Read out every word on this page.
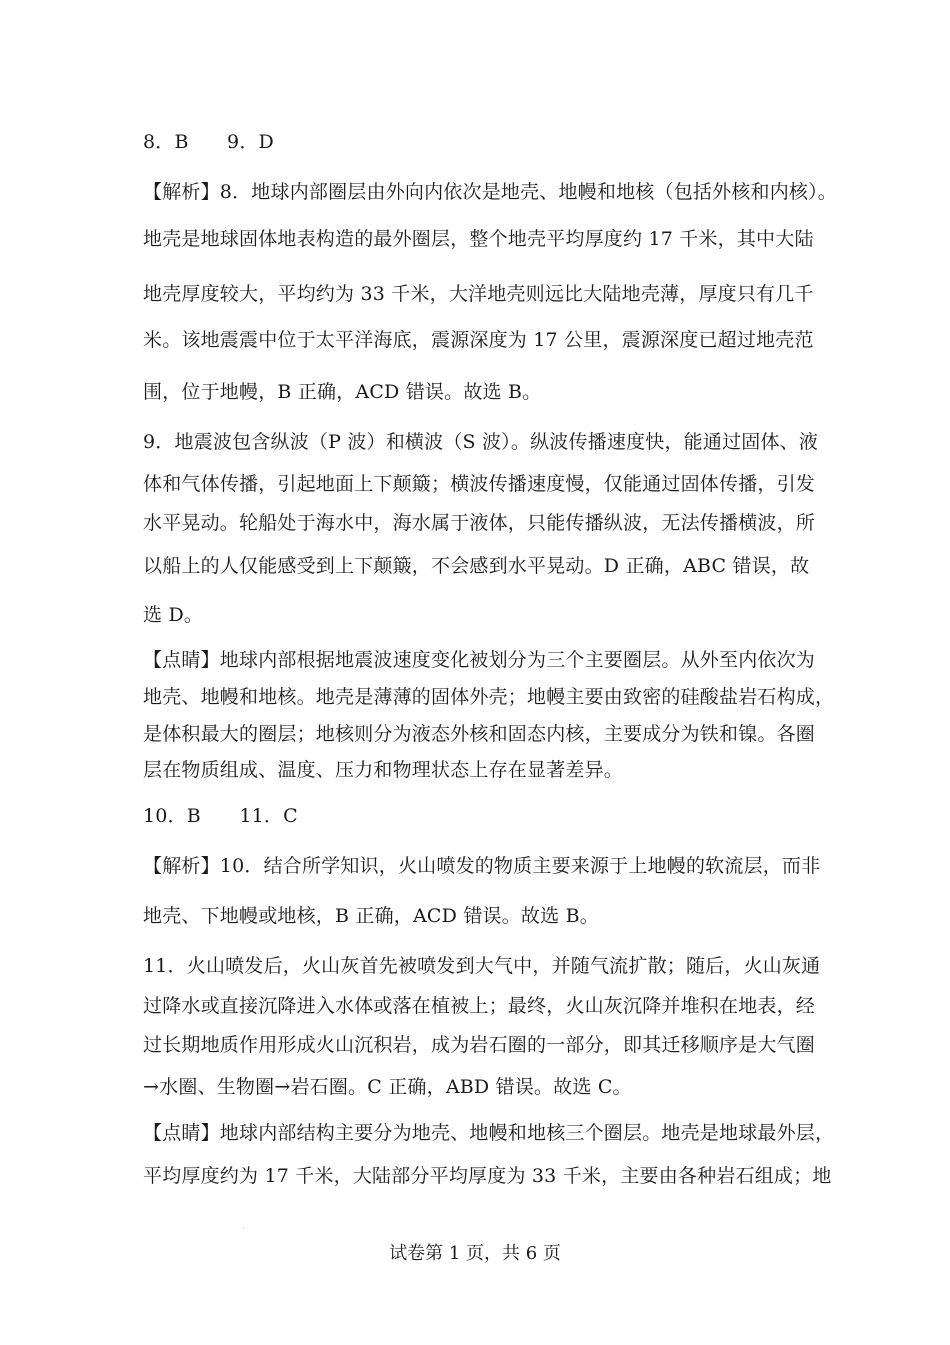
8．B　　9．D
【解析】8．地球内部圈层由外向内依次是地壳、地幔和地核（包括外核和内核）。
地壳是地球固体地表构造的最外圈层，整个地壳平均厚度约 17 千米，其中大陆
地壳厚度较大，平均约为 33 千米，大洋地壳则远比大陆地壳薄，厚度只有几千
米。该地震震中位于太平洋海底，震源深度为 17 公里，震源深度已超过地壳范
围，位于地幔，B 正确，ACD 错误。故选 B。
9．地震波包含纵波（P 波）和横波（S 波）。纵波传播速度快，能通过固体、液
体和气体传播，引起地面上下颠簸；横波传播速度慢，仅能通过固体传播，引发
水平晃动。轮船处于海水中，海水属于液体，只能传播纵波，无法传播横波，所
以船上的人仅能感受到上下颠簸，不会感到水平晃动。D 正确，ABC 错误，故
选 D。
【点睛】地球内部根据地震波速度变化被划分为三个主要圈层。从外至内依次为
地壳、地幔和地核。地壳是薄薄的固体外壳；地幔主要由致密的硅酸盐岩石构成，
是体积最大的圈层；地核则分为液态外核和固态内核，主要成分为铁和镍。各圈
层在物质组成、温度、压力和物理状态上存在显著差异。
10．B　　11．C
【解析】10．结合所学知识，火山喷发的物质主要来源于上地幔的软流层，而非
地壳、下地幔或地核，B 正确，ACD 错误。故选 B。
11．火山喷发后，火山灰首先被喷发到大气中，并随气流扩散；随后，火山灰通
过降水或直接沉降进入水体或落在植被上；最终，火山灰沉降并堆积在地表，经
过长期地质作用形成火山沉积岩，成为岩石圈的一部分，即其迁移顺序是大气圈
→水圈、生物圈→岩石圈。C 正确，ABD 错误。故选 C。
【点睛】地球内部结构主要分为地壳、地幔和地核三个圈层。地壳是地球最外层，
平均厚度约为 17 千米，大陆部分平均厚度为 33 千米，主要由各种岩石组成；地
试卷第 1 页，共 6 页
